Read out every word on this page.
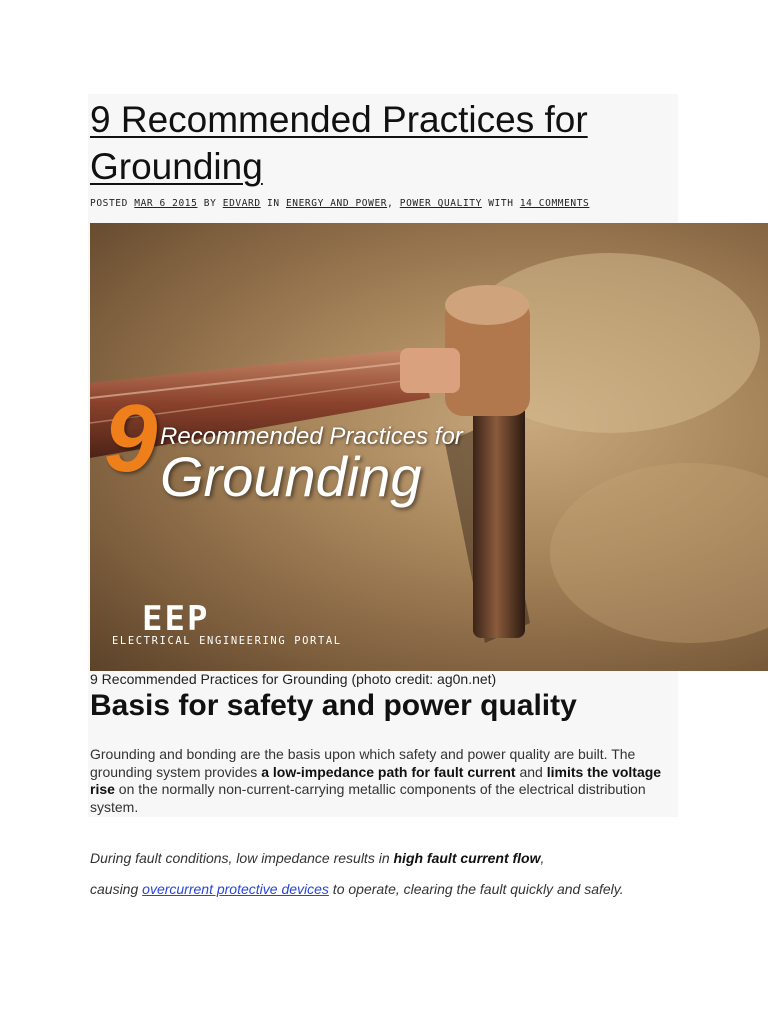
9 Recommended Practices for Grounding
POSTED MAR 6 2015 BY EDVARD IN ENERGY AND POWER, POWER QUALITY WITH 14 COMMENTS
9 Recommended Practices for
Grounding
EEP
ELECTRICAL ENGINEERING PORTAL
9 Recommended Practices for Grounding (photo credit: ag0n.net)
Basis for safety and power quality

Grounding and bonding are the basis upon which safety and power quality are built. The grounding system provides a low-impedance path for fault current and limits the voltage rise on the normally non-current-carrying metallic components of the electrical distribution system.

During fault conditions, low impedance results in high fault current flow,
causing overcurrent protective devices to operate, clearing the fault quickly and safely.
